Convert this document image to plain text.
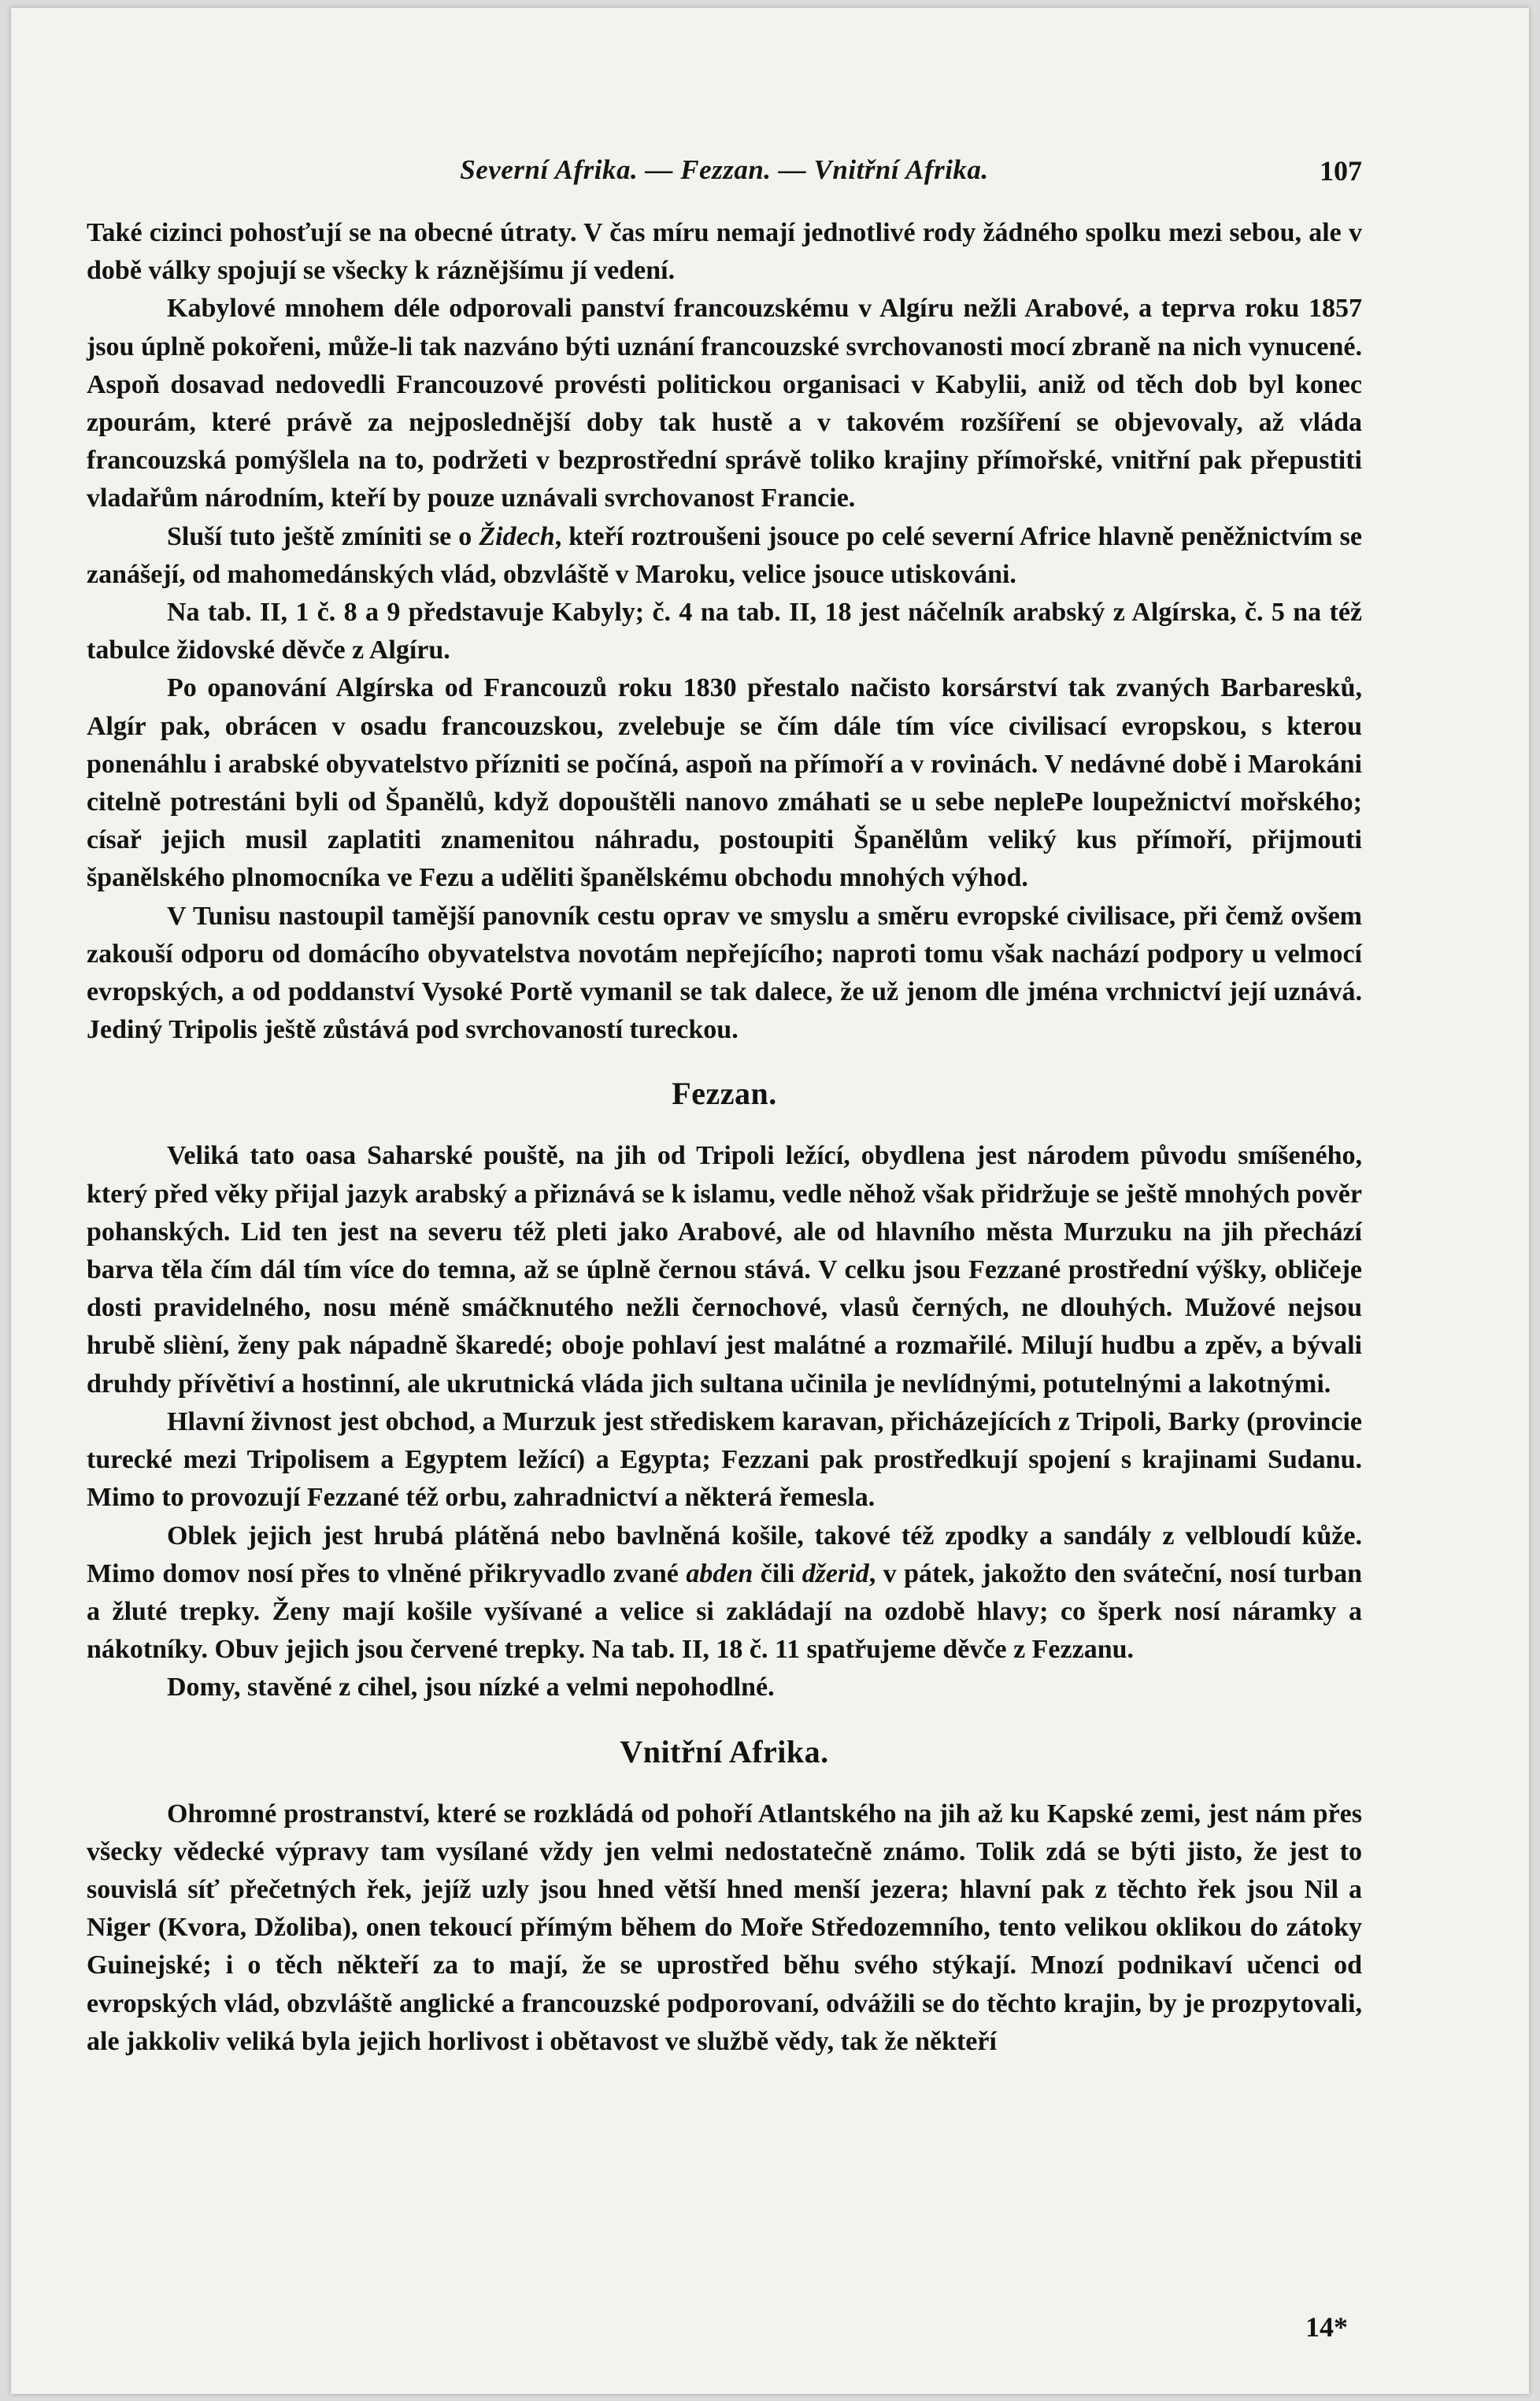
Severní Afrika. — Fezzan. — Vnitřní Afrika.	107

Také cizinci pohosťují se na obecné útraty. V čas míru nemají jednotlivé rody žádného spolku mezi sebou, ale v době války spojují se všecky k ráznějšímu jí vedení.

Kabylové mnohem déle odporovali panství francouzskému v Algíru nežli Arabové, a teprva roku 1857 jsou úplně pokořeni, může-li tak nazváno býti uznání francouzské svrchovanosti mocí zbraně na nich vynucené. Aspoň dosavad nedovedli Francouzové provésti politickou organisaci v Kabylii, aniž od těch dob byl konec zpourám, které právě za nejposlednější doby tak hustě a v takovém rozšíření se objevovaly, až vláda francouzská pomýšlela na to, podržeti v bezprostřední správě toliko krajiny přímořské, vnitřní pak přepustiti vladařům národním, kteří by pouze uznávali svrchovanost Francie.

Sluší tuto ještě zmíniti se o Židech, kteří roztroušeni jsouce po celé severní Africe hlavně peněžnictvím se zanášejí, od mahomedánských vlád, obzvláště v Maroku, velice jsouce utiskováni.

Na tab. II, 1 č. 8 a 9 představuje Kabyly; č. 4 na tab. II, 18 jest náčelník arabský z Algírska, č. 5 na též tabulce židovské děvče z Algíru.

Po opanování Algírska od Francouzů roku 1830 přestalo načisto korsárství tak zvaných Barbaresků, Algír pak, obrácen v osadu francouzskou, zvelebuje se čím dále tím více civilisací evropskou, s kterou ponenáhlu i arabské obyvatelstvo přízniti se počíná, aspoň na přímoří a v rovinách. V nedávné době i Marokáni citelně potrestáni byli od Španělů, když dopouštěli nanovo zmáhati se u sebe neplePe loupežnictví mořského; císař jejich musil zaplatiti znamenitou náhradu, postoupiti Španělům veliký kus přímoří, přijmouti španělského plnomocníka ve Fezu a uděliti španělskému obchodu mnohých výhod.

V Tunisu nastoupil tamější panovník cestu oprav ve smyslu a směru evropské civilisace, při čemž ovšem zakouší odporu od domácího obyvatelstva novotám nepřejícího; naproti tomu však nachází podpory u velmocí evropských, a od poddanství Vysoké Portě vymanil se tak dalece, že už jenom dle jména vrchnictví její uznává. Jediný Tripolis ještě zůstává pod svrchovaností tureckou.

Fezzan.

Veliká tato oasa Saharské pouště, na jih od Tripoli ležící, obydlena jest národem původu smíšeného, který před věky přijal jazyk arabský a přiznává se k islamu, vedle něhož však přidržuje se ještě mnohých pověr pohanských. Lid ten jest na severu též pleti jako Arabové, ale od hlavního města Murzuku na jih přechází barva těla čím dál tím více do temna, až se úplně černou stává. V celku jsou Fezzané prostřední výšky, obličeje dosti pravidelného, nosu méně smáčknutého nežli černochové, vlasů černých, ne dlouhých. Mužové nejsou hrubě slièní, ženy pak nápadně škaredé; oboje pohlaví jest malátné a rozmařilé. Milují hudbu a zpěv, a bývali druhdy přívětiví a hostinní, ale ukrutnická vláda jich sultana učinila je nevlídnými, potutelnými a lakotnými.

Hlavní živnost jest obchod, a Murzuk jest střediskem karavan, přicházejících z Tripoli, Barky (provincie turecké mezi Tripolisem a Egyptem ležící) a Egypta; Fezzani pak prostředkují spojení s krajinami Sudanu. Mimo to provozují Fezzané též orbu, zahradnictví a některá řemesla.

Oblek jejich jest hrubá plátěná nebo bavlněná košile, takové též zpodky a sandály z velbloudí kůže. Mimo domov nosí přes to vlněné přikryvadlo zvané abden čili džerid, v pátek, jakožto den sváteční, nosí turban a žluté trepky. Ženy mají košile vyšívané a velice si zakládají na ozdobě hlavy; co šperk nosí náramky a nákotníky. Obuv jejich jsou červené trepky. Na tab. II, 18 č. 11 spatřujeme děvče z Fezzanu.

Domy, stavěné z cihel, jsou nízké a velmi nepohodlné.

Vnitřní Afrika.

Ohromné prostranství, které se rozkládá od pohoří Atlantského na jih až ku Kapské zemi, jest nám přes všecky vědecké výpravy tam vysílané vždy jen velmi nedostatečně známo. Tolik zdá se býti jisto, že jest to souvislá síť přečetných řek, jejíž uzly jsou hned větší hned menší jezera; hlavní pak z těchto řek jsou Nil a Niger (Kvora, Džoliba), onen tekoucí přímým během do Moře Středozemního, tento velikou oklikou do zátoky Guinejské; i o těch někteří za to mají, že se uprostřed běhu svého stýkají. Mnozí podnikaví učenci od evropských vlád, obzvláště anglické a francouzské podporovaní, odvážili se do těchto krajin, by je prozpytovali, ale jakkoliv veliká byla jejich horlivost i obětavost ve službě vědy, tak že někteří

14*
